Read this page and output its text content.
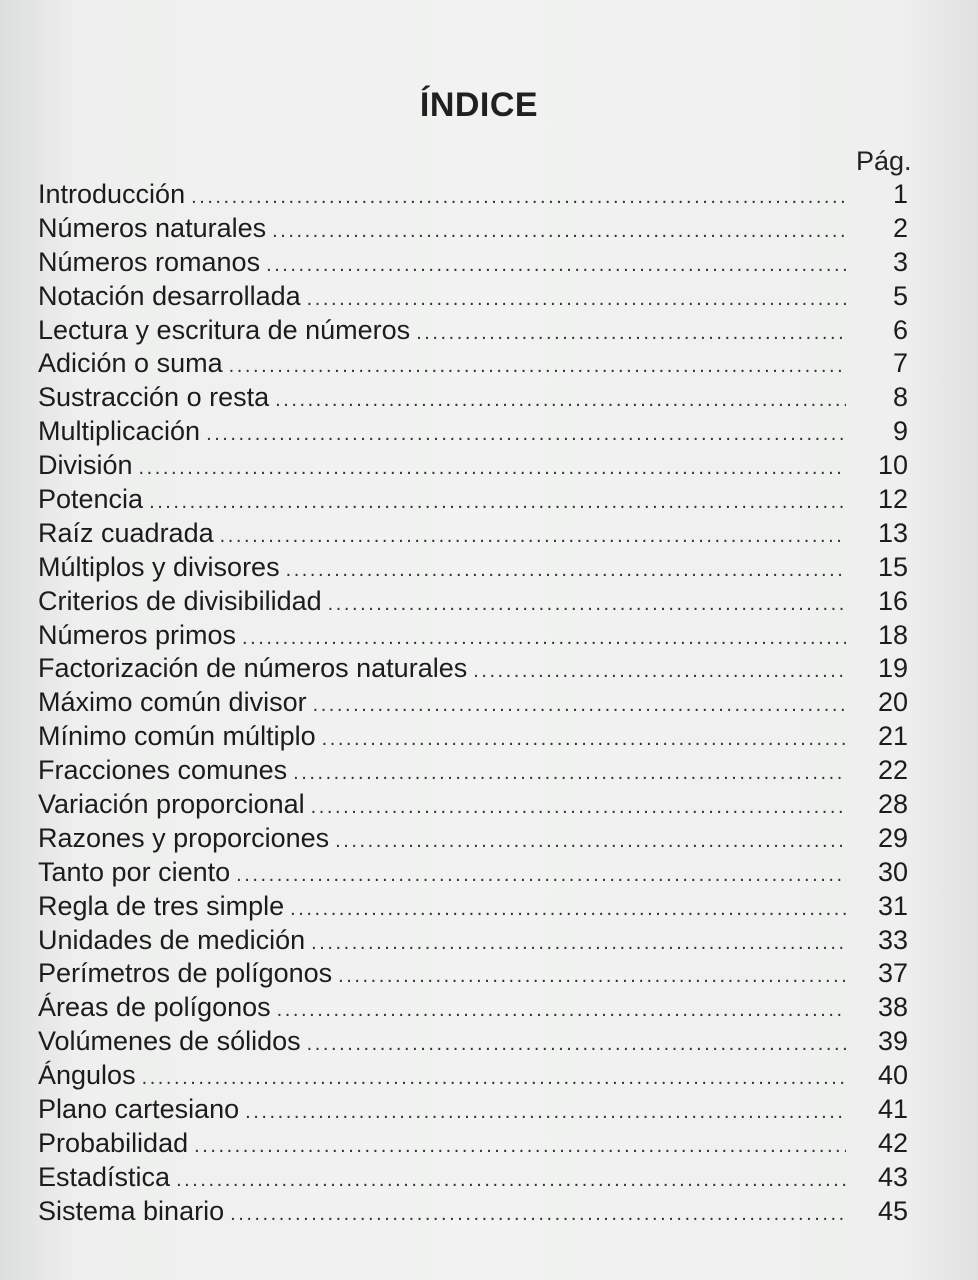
ÍNDICE
Pág.
Introducción . . .	1
Números naturales . . .	2
Números romanos . . .	3
Notación desarrollada . . .	5
Lectura y escritura de números . . .	6
Adición o suma . . .	7
Sustracción o resta . . .	8
Multiplicación . . .	9
División . . .	10
Potencia . . .	12
Raíz cuadrada . . .	13
Múltiplos y divisores . . .	15
Criterios de divisibilidad . . .	16
Números primos . . .	18
Factorización de números naturales . . .	19
Máximo común divisor . . .	20
Mínimo común múltiplo . . .	21
Fracciones comunes . . .	22
Variación proporcional . . .	28
Razones y proporciones . . .	29
Tanto por ciento . . .	30
Regla de tres simple . . .	31
Unidades de medición . . .	33
Perímetros de polígonos . . .	37
Áreas de polígonos . . .	38
Volúmenes de sólidos . . .	39
Ángulos . . .	40
Plano cartesiano . . .	41
Probabilidad . . .	42
Estadística . . .	43
Sistema binario . . .	45
